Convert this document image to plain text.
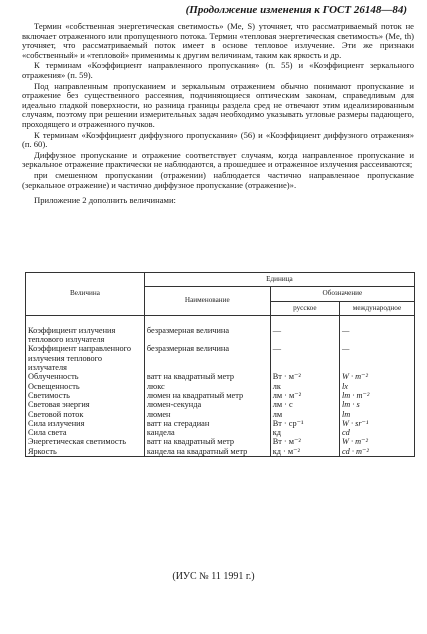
(Продолжение изменения к ГОСТ 26148—84)

Термин «собственная энергетическая светимость» (Me, S) уточняет, что рассматриваемый поток не включает отраженного или пропущенного потока. Термин «тепловая энергетическая светимость» (Me, th) уточняет, что рассматриваемый поток имеет в основе тепловое излучение. Эти же признаки «собственный» и «тепловой» применимы к другим величинам, таким как яркость и др.

К терминам «Коэффициент направленного пропускания» (п. 55) и «Коэффициент зеркального отражения» (п. 59).

Под направленным пропусканием и зеркальным отражением обычно понимают пропускание и отражение без существенного рассеяния, подчиняющиеся оптическим законам, справедливым для идеально гладкой поверхности, но разница границы раздела сред не отвечают этим идеализированным случаям, поэтому при решении измерительных задач необходимо указывать угловые размеры падающего, проходящего и отраженного пучков.

К терминам «Коэффициент диффузного пропускания» (56) и «Коэффициент диффузного отражения» (п. 60).

Диффузное пропускание и отражение соответствует случаям, когда направленное пропускание и зеркальное отражение практически не наблюдаются, а прошедшее и отраженное излучения рассеиваются;

при смешенном пропускании (отражении) наблюдается частично направленное пропускание (зеркальное отражение) и частично диффузное пропускание (отражение)».

Приложение 2 дополнить величинами:

Величина	Единица		
	Наименование	Обозначение	
		русское	международное
Коэффициент излучения теплового излучателя	безразмерная величина	—	—
Коэффициент направленного излучения теплового излучателя	безразмерная величина	—	—
Облученность	ватт на квадратный метр	Вт · м⁻²	W · m⁻²
Освещенность	люкс	лк	lx
Светимость	люмен на квадратный метр	лм · м⁻²	lm · m⁻²
Световая энергия	люмен-секунда	лм · с	lm · s
Световой поток	люмен	лм	lm
Сила излучения	ватт на стерадиан	Вт · ср⁻¹	W · sr⁻¹
Сила света	кандела	кд	cd
Энергетическая светимость	ватт на квадратный метр	Вт · м⁻²	W · m⁻²
Яркость	кандела на квадратный метр	кд · м⁻²	cd · m⁻²
(ИУС № 11 1991 г.)
